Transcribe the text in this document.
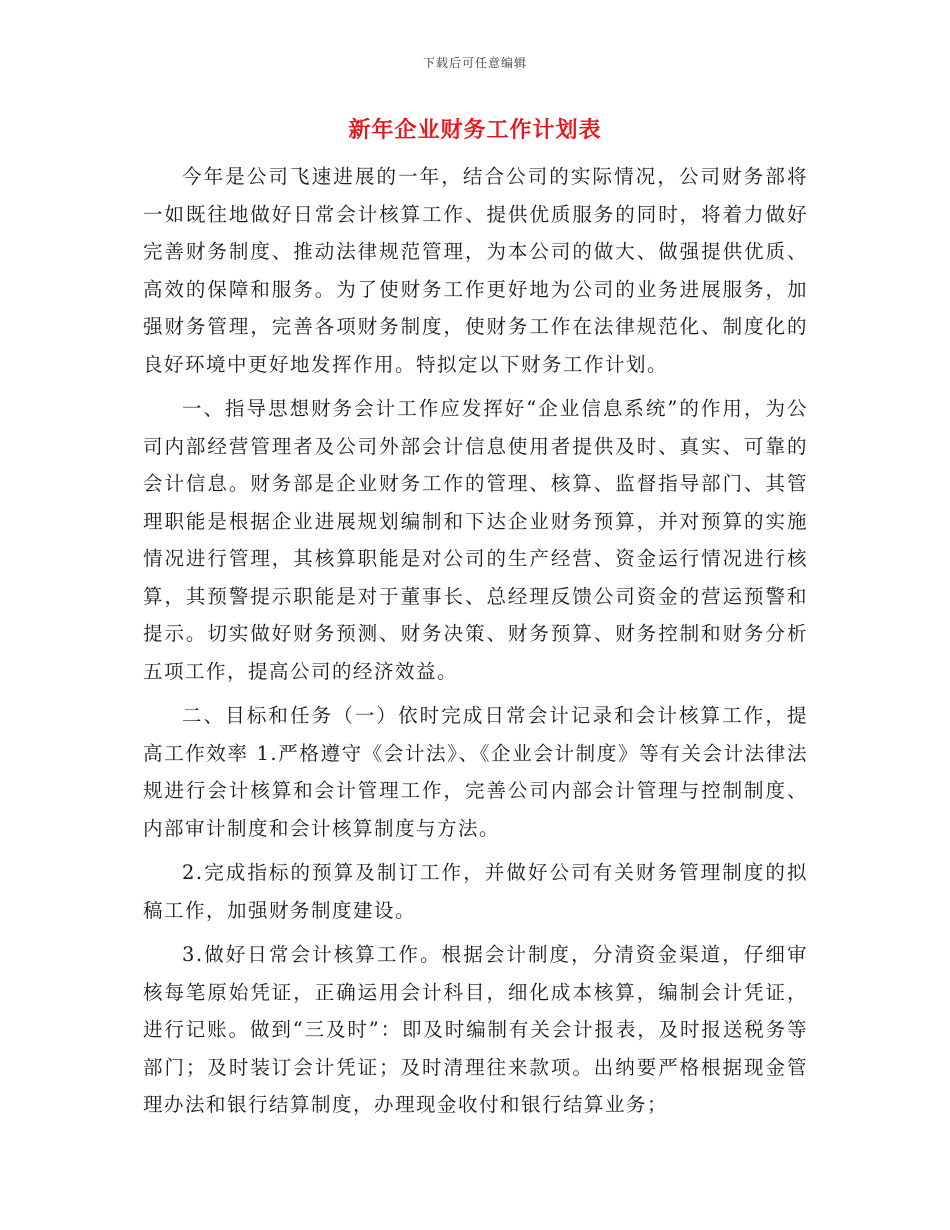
下载后可任意编辑
新年企业财务工作计划表

今年是公司飞速进展的一年，结合公司的实际情况，公司财务部将一如既往地做好日常会计核算工作、提供优质服务的同时，将着力做好完善财务制度、推动法律规范管理，为本公司的做大、做强提供优质、高效的保障和服务。为了使财务工作更好地为公司的业务进展服务，加强财务管理，完善各项财务制度，使财务工作在法律规范化、制度化的良好环境中更好地发挥作用。特拟定以下财务工作计划。

一、指导思想财务会计工作应发挥好“企业信息系统”的作用，为公司内部经营管理者及公司外部会计信息使用者提供及时、真实、可靠的会计信息。财务部是企业财务工作的管理、核算、监督指导部门、其管理职能是根据企业进展规划编制和下达企业财务预算，并对预算的实施情况进行管理，其核算职能是对公司的生产经营、资金运行情况进行核算，其预警提示职能是对于董事长、总经理反馈公司资金的营运预警和提示。切实做好财务预测、财务决策、财务预算、财务控制和财务分析五项工作，提高公司的经济效益。

二、目标和任务（一）依时完成日常会计记录和会计核算工作，提高工作效率 1.严格遵守《会计法》、《企业会计制度》等有关会计法律法规进行会计核算和会计管理工作，完善公司内部会计管理与控制制度、内部审计制度和会计核算制度与方法。

2.完成指标的预算及制订工作，并做好公司有关财务管理制度的拟稿工作，加强财务制度建设。

3.做好日常会计核算工作。根据会计制度，分清资金渠道，仔细审核每笔原始凭证，正确运用会计科目，细化成本核算，编制会计凭证，进行记账。做到“三及时”：即及时编制有关会计报表，及时报送税务等部门；及时装订会计凭证；及时清理往来款项。出纳要严格根据现金管理办法和银行结算制度，办理现金收付和银行结算业务；
